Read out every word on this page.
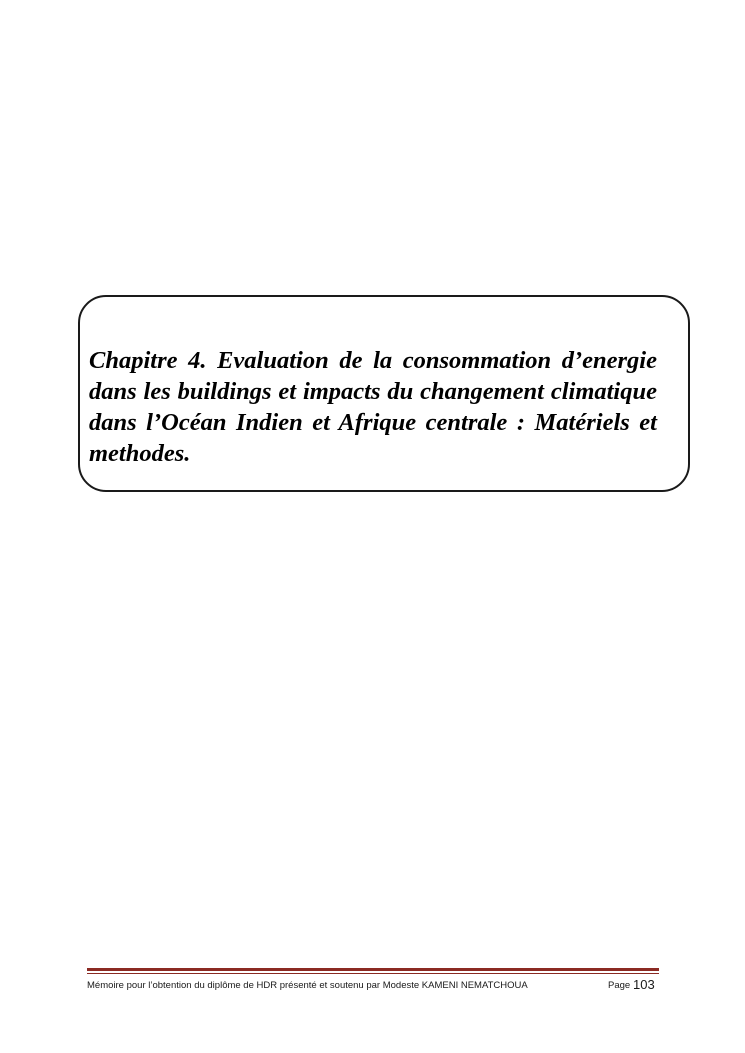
Chapitre 4. Evaluation de la consommation d’energie dans les buildings et impacts du changement climatique dans l’Océan Indien et Afrique centrale : Matériels et methodes.

Mémoire pour l’obtention du diplôme de HDR présenté et soutenu par Modeste KAMENI NEMATCHOUA	Page 103
